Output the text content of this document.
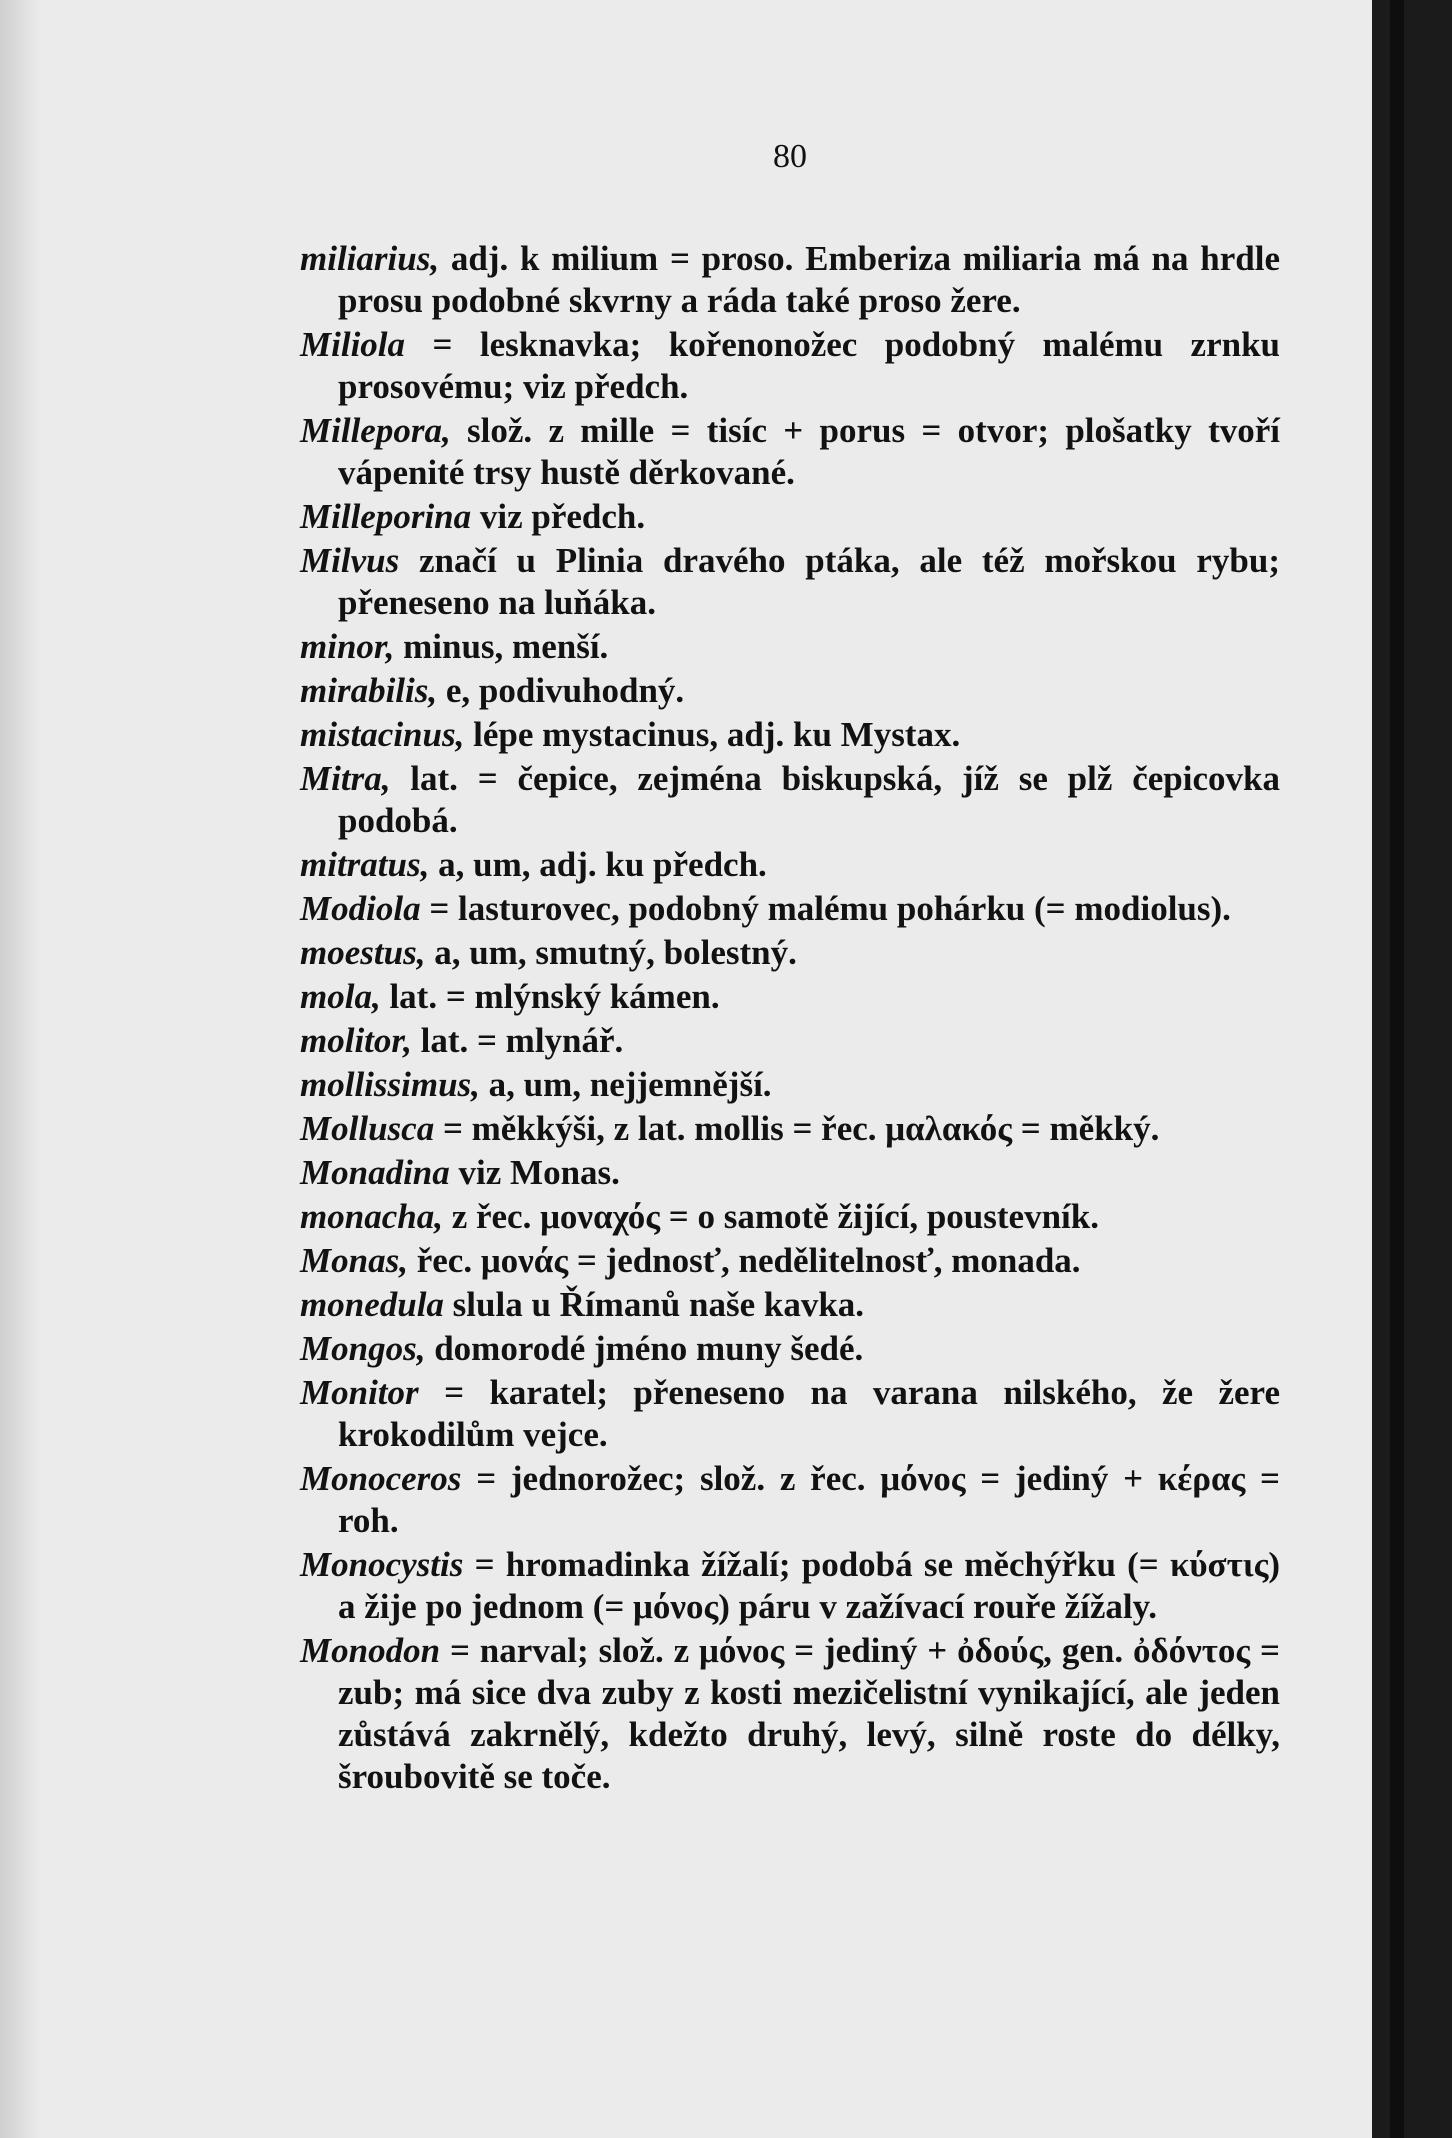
80

miliarius, adj. k milium = proso. Emberiza miliaria má na hrdle prosu podobné skvrny a ráda také proso žere.

Miliola = lesknavka; kořenonožec podobný malému zrnku prosovému; viz předch.

Millepora, slož. z mille = tisíc + porus = otvor; plošatky tvoří vápenité trsy hustě děrkované.

Milleporina viz předch.

Milvus značí u Plinia dravého ptáka, ale též mořskou rybu; přeneseno na luňáka.

minor, minus, menší.

mirabilis, e, podivuhodný.

mistacinus, lépe mystacinus, adj. ku Mystax.

Mitra, lat. = čepice, zejména biskupská, jíž se plž čepicovka podobá.

mitratus, a, um, adj. ku předch.

Modiola = lasturovec, podobný malému pohárku (= modiolus).

moestus, a, um, smutný, bolestný.

mola, lat. = mlýnský kámen.

molitor, lat. = mlynář.

mollissimus, a, um, nejjemnější.

Mollusca = měkkýši, z lat. mollis = řec. μαλακός = měkký.

Monadina viz Monas.

monacha, z řec. μοναχός = o samotě žijící, poustevník.

Monas, řec. μονάς = jednosť, nedělitelnosť, monada.

monedula slula u Římanů naše kavka.

Mongos, domorodé jméno muny šedé.

Monitor = karatel; přeneseno na varana nilského, že žere krokodilům vejce.

Monoceros = jednorožec; slož. z řec. μόνος = jediný + κέρας = roh.

Monocystis = hromadinka žížalí; podobá se měchýřku (= κύστις) a žije po jednom (= μόνος) páru v zažívací rouře žížaly.

Monodon = narval; slož. z μόνος = jediný + ὀδούς, gen. ὀδόντος = zub; má sice dva zuby z kosti mezičelistní vynikající, ale jeden zůstává zakrnělý, kdežto druhý, levý, silně roste do délky, šroubovitě se toče.
